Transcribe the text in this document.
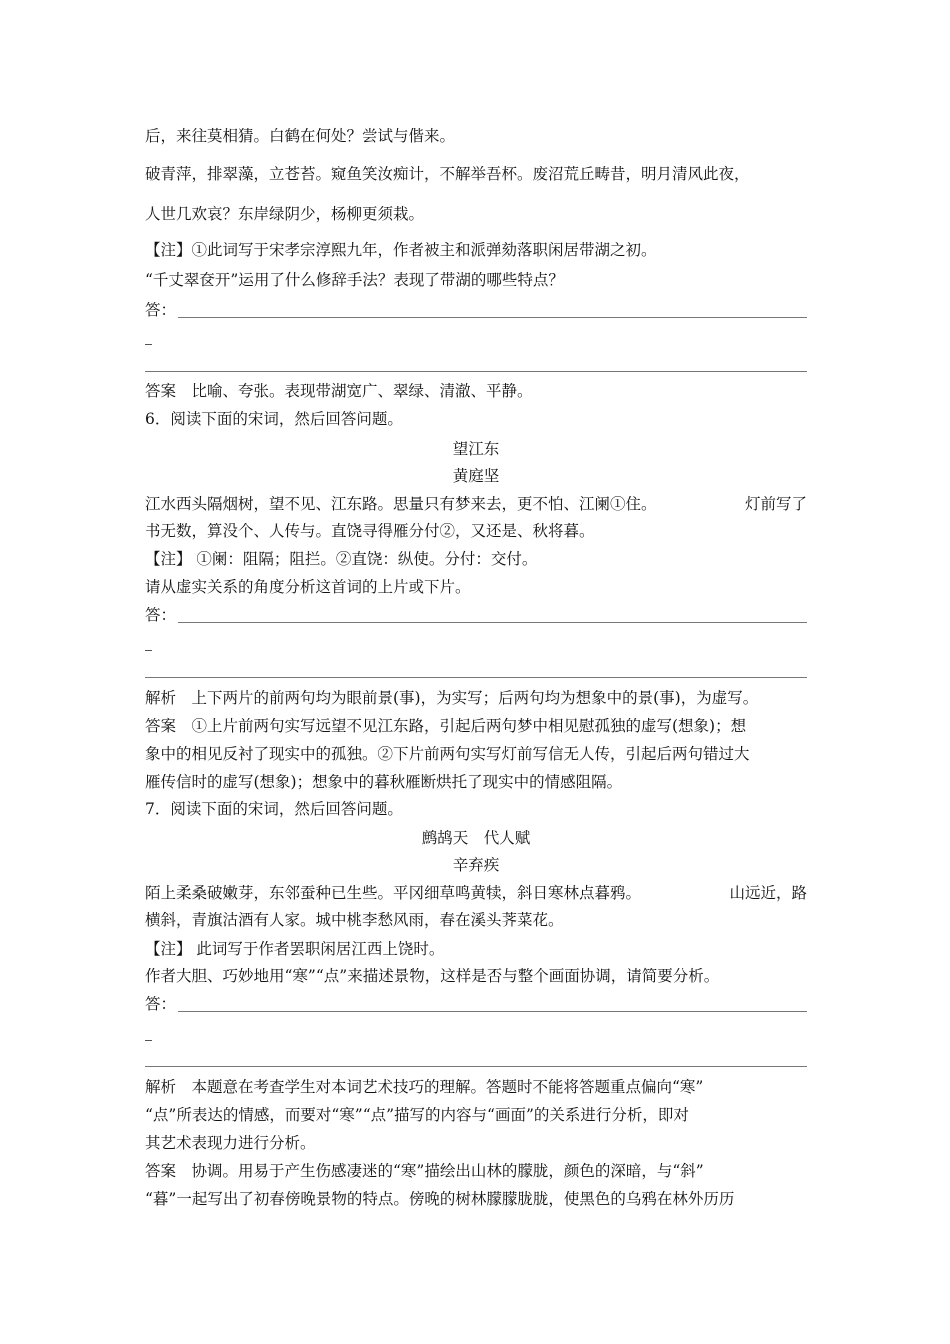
后，来往莫相猜。白鹤在何处？尝试与偕来。
破青萍，排翠藻，立苍苔。窥鱼笑汝痴计，不解举吾杯。废沼荒丘畴昔，明月清风此夜，
人世几欢哀？东岸绿阴少，杨柳更须栽。
【注】①此词写于宋孝宗淳熙九年，作者被主和派弹劾落职闲居带湖之初。
“千丈翠奁开”运用了什么修辞手法？表现了带湖的哪些特点？
答：
答案　比喻、夸张。表现带湖宽广、翠绿、清澈、平静。
6．阅读下面的宋词，然后回答问题。
望江东
黄庭坚
江水西头隔烟树，望不见、江东路。思量只有梦来去，更不怕、江阑①住。	灯前写了
书无数，算没个、人传与。直饶寻得雁分付②，又还是、秋将暮。
【注】 ①阑：阻隔；阻拦。②直饶：纵使。分付：交付。
请从虚实关系的角度分析这首词的上片或下片。
答：
解析　上下两片的前两句均为眼前景(事)，为实写；后两句均为想象中的景(事)，为虚写。
答案　①上片前两句实写远望不见江东路，引起后两句梦中相见慰孤独的虚写(想象)；想
象中的相见反衬了现实中的孤独。②下片前两句实写灯前写信无人传，引起后两句错过大
雁传信时的虚写(想象)；想象中的暮秋雁断烘托了现实中的情感阻隔。
7．阅读下面的宋词，然后回答问题。
鹧鸪天　代人赋
辛弃疾
陌上柔桑破嫩芽，东邻蚕种已生些。平冈细草鸣黄犊，斜日寒林点暮鸦。	山远近，路
横斜，青旗沽酒有人家。城中桃李愁风雨，春在溪头荠菜花。
【注】 此词写于作者罢职闲居江西上饶时。
作者大胆、巧妙地用“寒”“点”来描述景物，这样是否与整个画面协调，请简要分析。
答：
解析　本题意在考查学生对本词艺术技巧的理解。答题时不能将答题重点偏向“寒”
“点”所表达的情感，而要对“寒”“点”描写的内容与“画面”的关系进行分析，即对
其艺术表现力进行分析。
答案　协调。用易于产生伤感凄迷的“寒”描绘出山林的朦胧，颜色的深暗，与“斜”
“暮”一起写出了初春傍晚景物的特点。傍晚的树林朦朦胧胧，使黑色的乌鸦在林外历历
